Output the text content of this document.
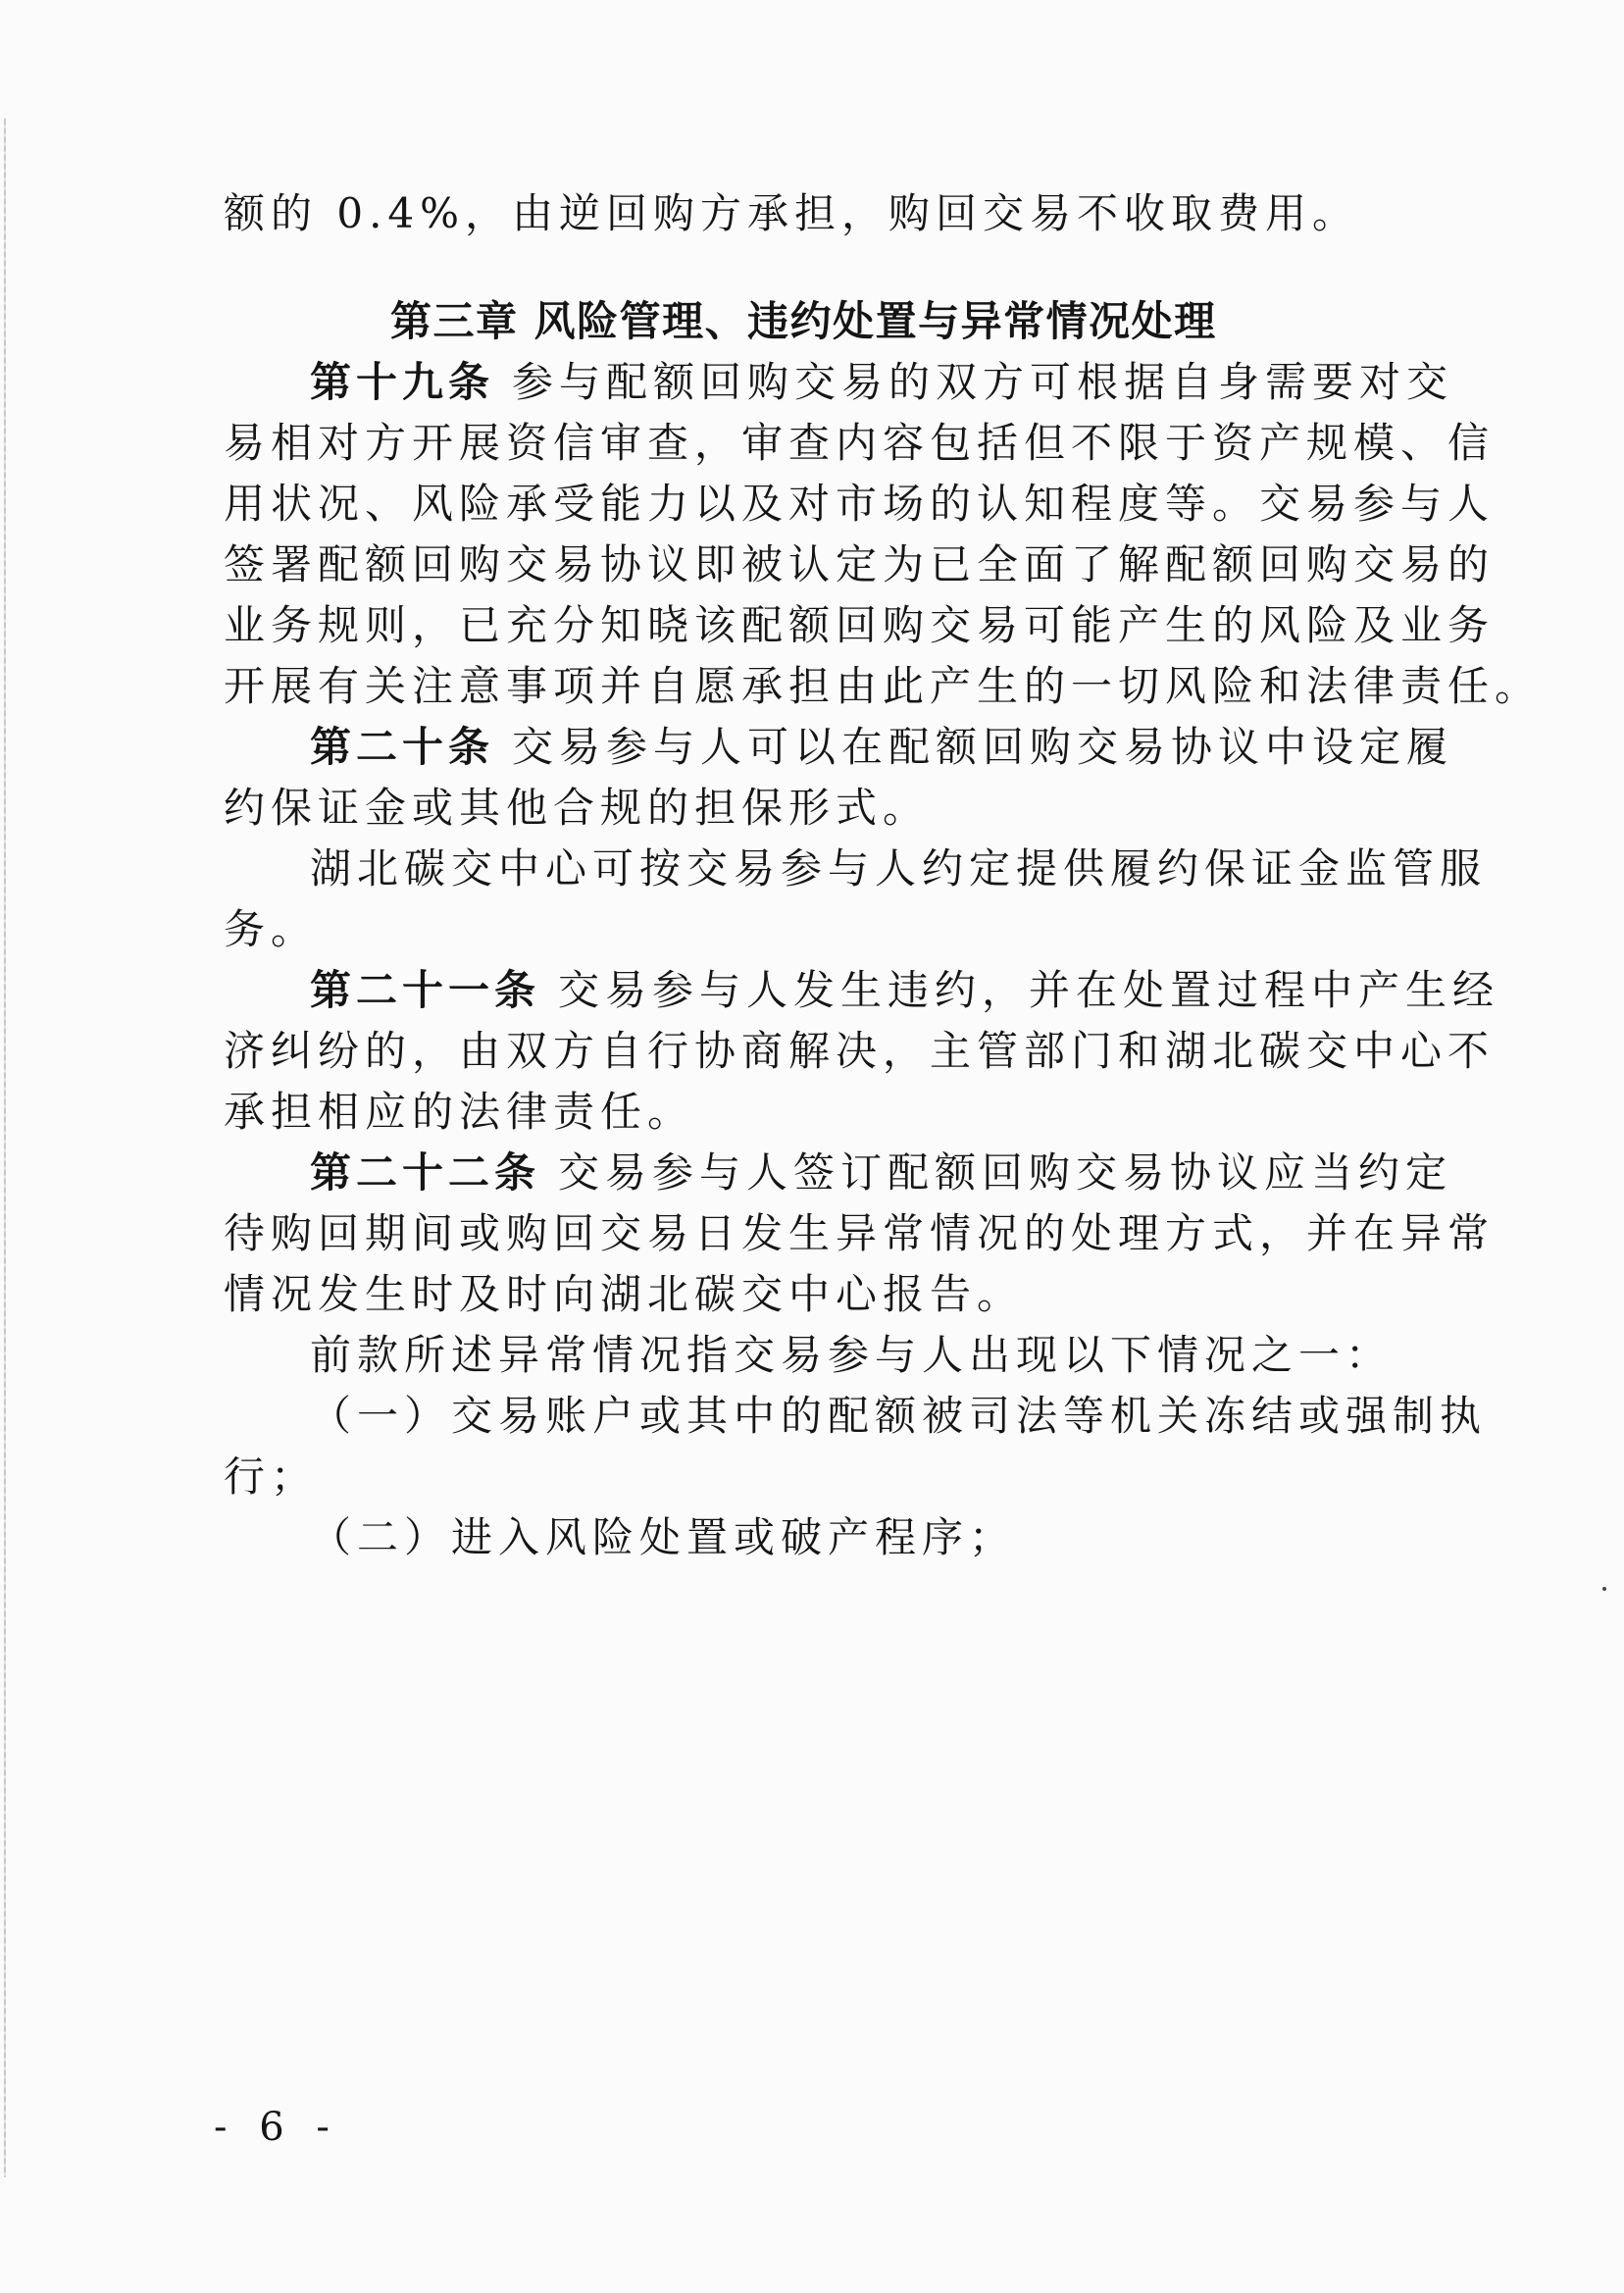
额的 0.4%，由逆回购方承担，购回交易不收取费用。
第三章 风险管理、违约处置与异常情况处理
第十九条 参与配额回购交易的双方可根据自身需要对交
易相对方开展资信审查，审查内容包括但不限于资产规模、信
用状况、风险承受能力以及对市场的认知程度等。交易参与人
签署配额回购交易协议即被认定为已全面了解配额回购交易的
业务规则，已充分知晓该配额回购交易可能产生的风险及业务
开展有关注意事项并自愿承担由此产生的一切风险和法律责任。
第二十条 交易参与人可以在配额回购交易协议中设定履
约保证金或其他合规的担保形式。
湖北碳交中心可按交易参与人约定提供履约保证金监管服
务。
第二十一条 交易参与人发生违约，并在处置过程中产生经
济纠纷的，由双方自行协商解决，主管部门和湖北碳交中心不
承担相应的法律责任。
第二十二条 交易参与人签订配额回购交易协议应当约定
待购回期间或购回交易日发生异常情况的处理方式，并在异常
情况发生时及时向湖北碳交中心报告。
前款所述异常情况指交易参与人出现以下情况之一：
（一）交易账户或其中的配额被司法等机关冻结或强制执
行；
（二）进入风险处置或破产程序；
- 6 -
